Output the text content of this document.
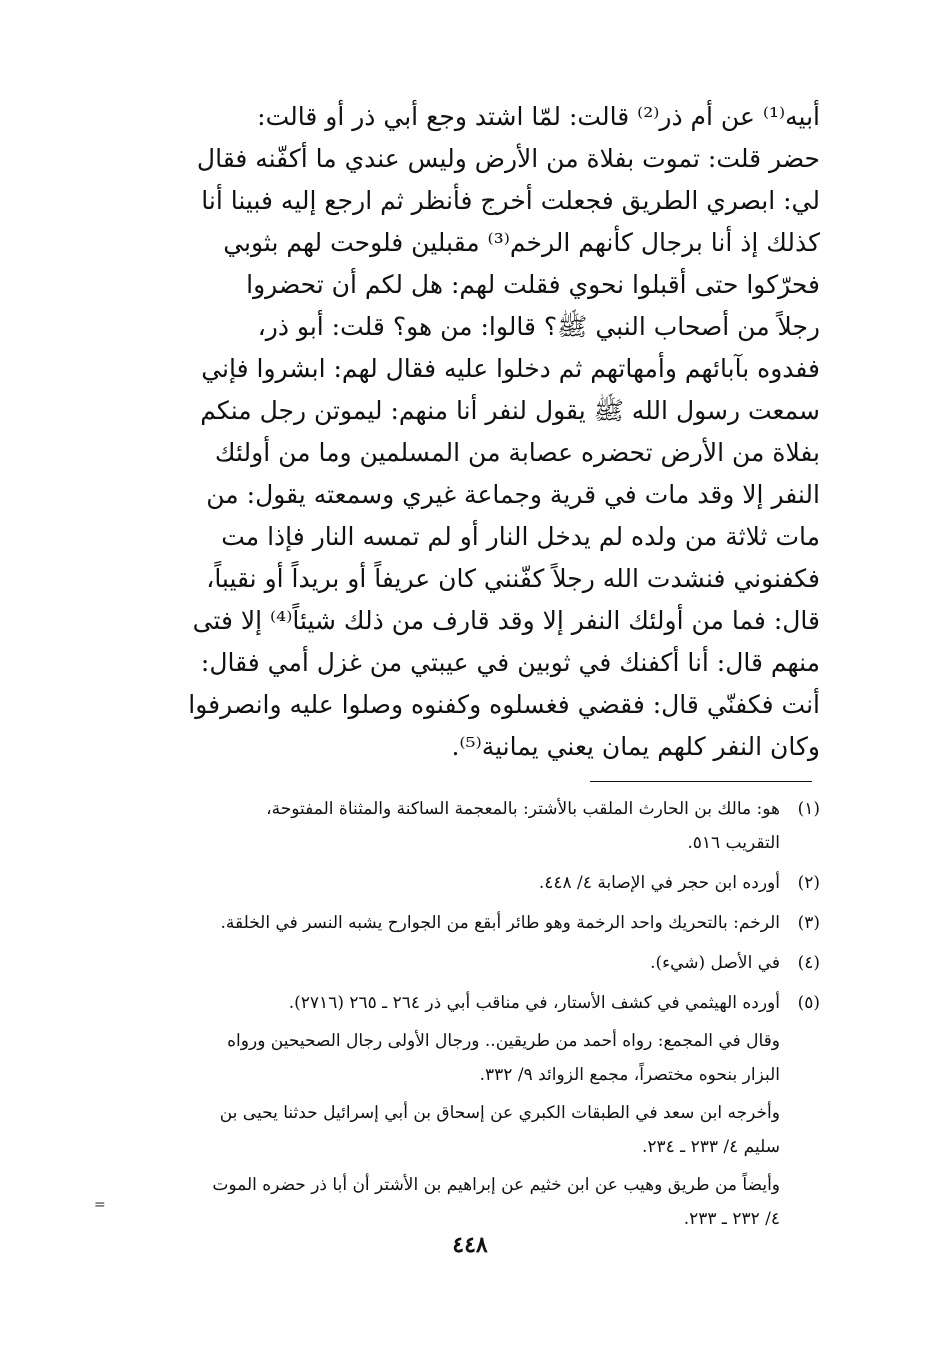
أبيه⁽¹⁾ عن أم ذر⁽²⁾ قالت: لمّا اشتد وجع أبي ذر أو قالت:
حضر قلت: تموت بفلاة من الأرض وليس عندي ما أكفّنه فقال
لي: ابصري الطريق فجعلت أخرج فأنظر ثم ارجع إليه فبينا أنا
كذلك إذ أنا برجال كأنهم الرخم⁽³⁾ مقبلين فلوحت لهم بثوبي
فحرّكوا حتى أقبلوا نحوي فقلت لهم: هل لكم أن تحضروا
رجلاً من أصحاب النبي ﷺ؟ قالوا: من هو؟ قلت: أبو ذر،
ففدوه بآبائهم وأمهاتهم ثم دخلوا عليه فقال لهم: ابشروا فإني
سمعت رسول الله ﷺ يقول لنفر أنا منهم: ليموتن رجل منكم
بفلاة من الأرض تحضره عصابة من المسلمين وما من أولئك
النفر إلا وقد مات في قرية وجماعة غيري وسمعته يقول: من
مات ثلاثة من ولده لم يدخل النار أو لم تمسه النار فإذا مت
فكفنوني فنشدت الله رجلاً كفّنني كان عريفاً أو بريداً أو نقيباً،
قال: فما من أولئك النفر إلا وقد قارف من ذلك شيئاً⁽⁴⁾ إلا فتى
منهم قال: أنا أكفنك في ثوبين في عيبتي من غزل أمي فقال:
أنت فكفنّي قال: فقضي فغسلوه وكفنوه وصلوا عليه وانصرفوا
وكان النفر كلهم يمان يعني يمانية⁽⁵⁾.
(١)
هو: مالك بن الحارث الملقب بالأشتر: بالمعجمة الساكنة والمثناة المفتوحة،
التقريب ٥١٦.
(٢)
أورده ابن حجر في الإصابة ٤/ ٤٤٨.
(٣)
الرخم: بالتحريك واحد الرخمة وهو طائر أبقع من الجوارح يشبه النسر في الخلقة.
(٤)
في الأصل (شيء).
(٥)
أورده الهيثمي في كشف الأستار، في مناقب أبي ذر ٢٦٤ ـ ٢٦٥ (٢٧١٦).
وقال في المجمع: رواه أحمد من طريقين.. ورجال الأولى رجال الصحيحين ورواه
البزار بنحوه مختصراً، مجمع الزوائد ٩/ ٣٣٢.
وأخرجه ابن سعد في الطبقات الكبري عن إسحاق بن أبي إسرائيل حدثنا يحيى بن
سليم ٤/ ٢٣٣ ـ ٢٣٤.
وأيضاً من طريق وهيب عن ابن خثيم عن إبراهيم بن الأشتر أن أبا ذر حضره الموت
٤/ ٢٣٢ ـ ٢٣٣.
=
٤٤٨
